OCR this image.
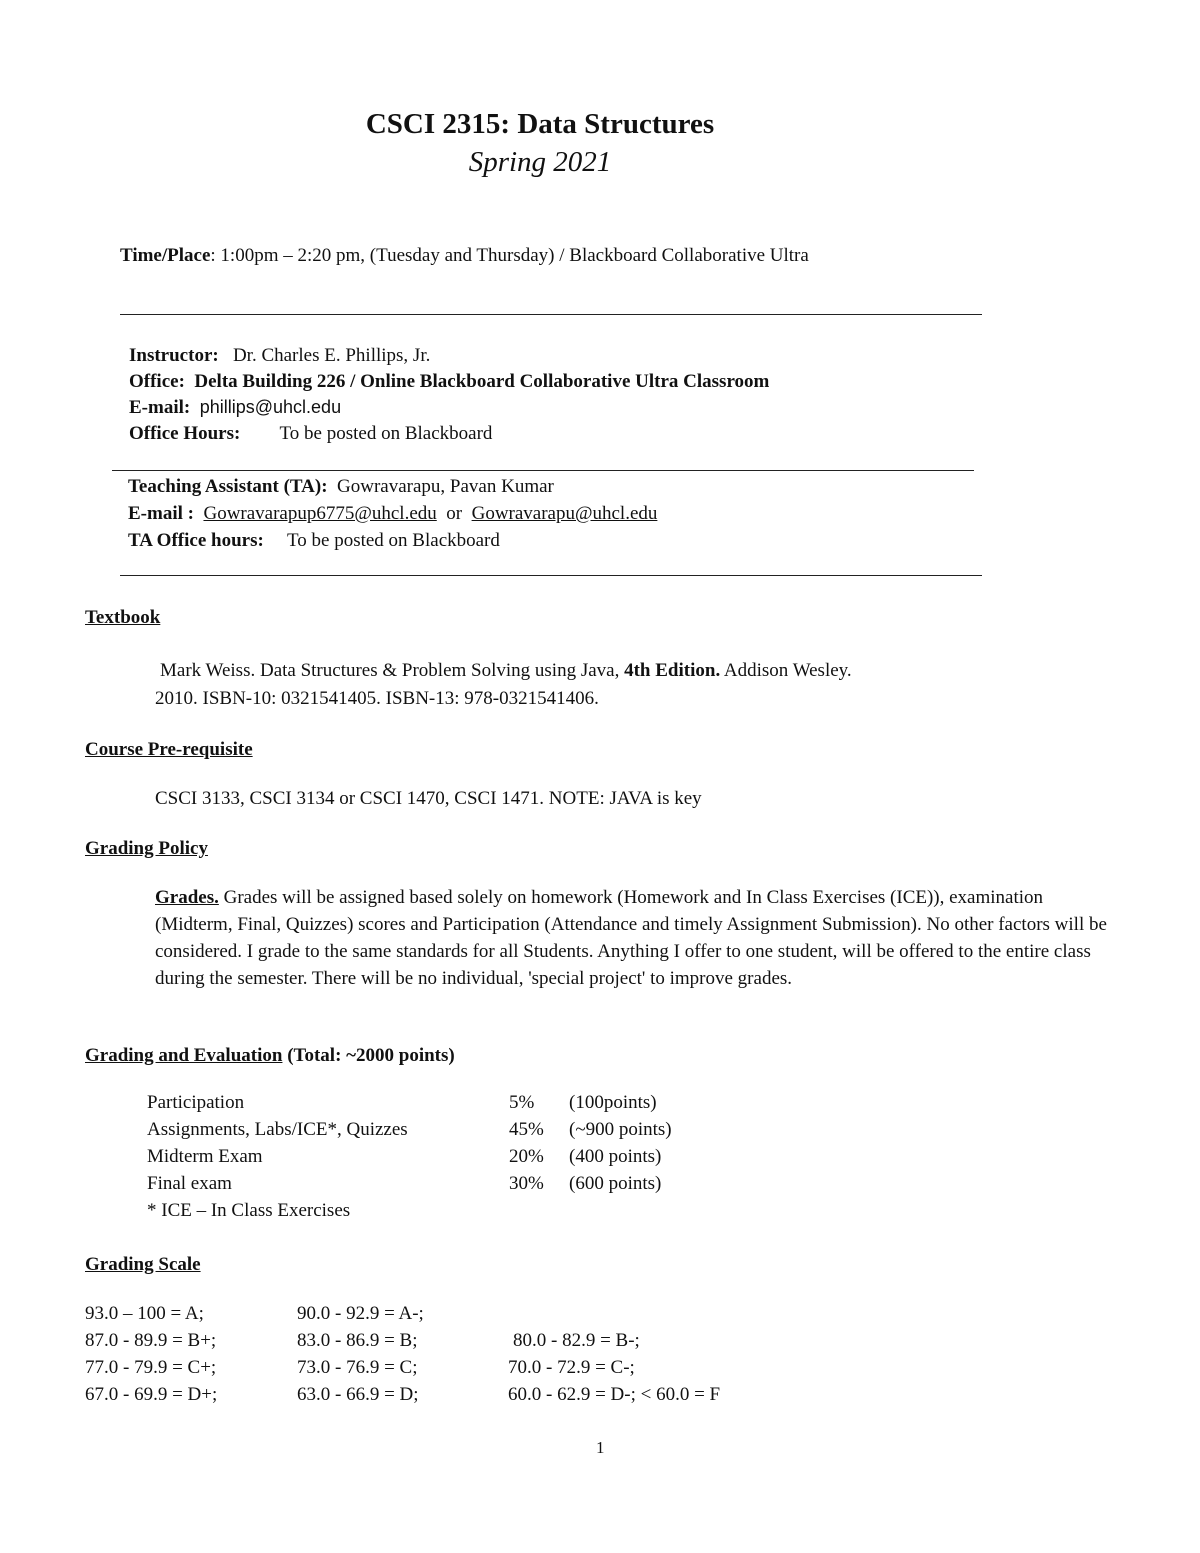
CSCI 2315: Data Structures
Spring 2021
Time/Place: 1:00pm – 2:20 pm, (Tuesday and Thursday) / Blackboard Collaborative Ultra
Instructor: Dr. Charles E. Phillips, Jr.
Office: Delta Building 226 / Online Blackboard Collaborative Ultra Classroom
E-mail: phillips@uhcl.edu
Office Hours: To be posted on Blackboard
Teaching Assistant (TA): Gowravarapu, Pavan Kumar
E-mail : Gowravarapup6775@uhcl.edu or Gowravarapu@uhcl.edu
TA Office hours: To be posted on Blackboard
Textbook
Mark Weiss. Data Structures & Problem Solving using Java, 4th Edition. Addison Wesley.
2010. ISBN-10: 0321541405. ISBN-13: 978-0321541406.
Course Pre-requisite
CSCI 3133, CSCI 3134 or CSCI 1470, CSCI 1471. NOTE: JAVA is key
Grading Policy
Grades. Grades will be assigned based solely on homework (Homework and In Class Exercises (ICE)), examination (Midterm, Final, Quizzes) scores and Participation (Attendance and timely Assignment Submission). No other factors will be considered. I grade to the same standards for all Students. Anything I offer to one student, will be offered to the entire class during the semester. There will be no individual, 'special project' to improve grades.
Grading and Evaluation (Total: ~2000 points)
Participation	5% (100points)
Assignments, Labs/ICE*, Quizzes	45% (~900 points)
Midterm Exam	20% (400 points)
Final exam	30% (600 points)
* ICE – In Class Exercises
Grading Scale
93.0 – 100 = A;	90.0 - 92.9 = A-;
87.0 - 89.9 = B+;	83.0 - 86.9 = B;	80.0 - 82.9 = B-;
77.0 - 79.9 = C+;	73.0 - 76.9 = C;	70.0 - 72.9 = C-;
67.0 - 69.9 = D+;	63.0 - 66.9 = D;	60.0 - 62.9 = D-; < 60.0 = F
1
